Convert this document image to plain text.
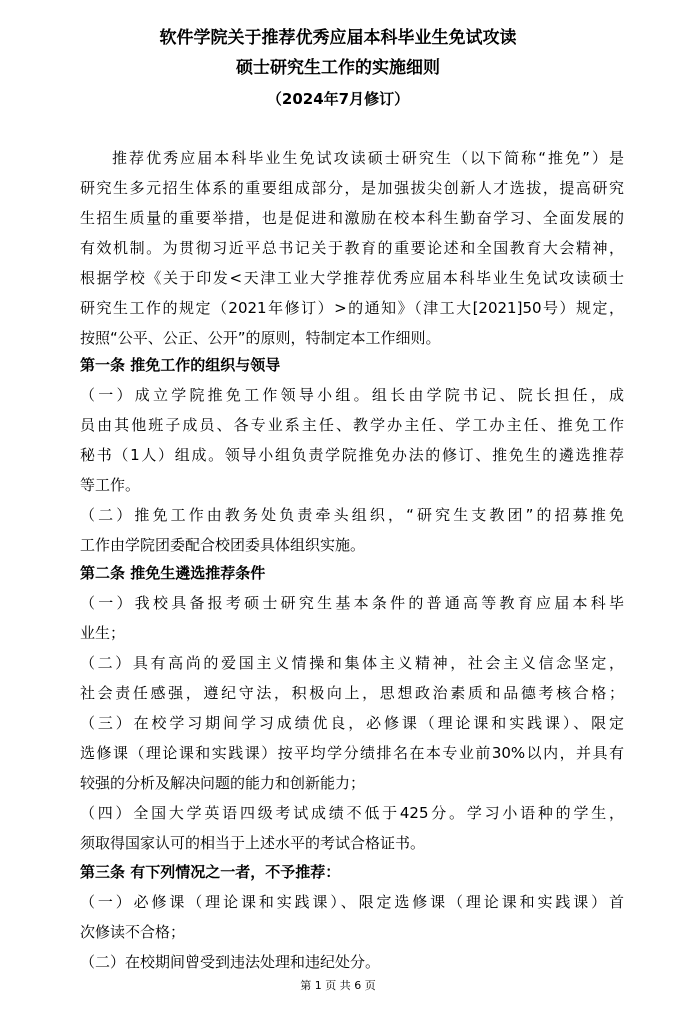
软件学院关于推荐优秀应届本科毕业生免试攻读
硕士研究生工作的实施细则
（2024年7月修订）
推荐优秀应届本科毕业生免试攻读硕士研究生（以下简称“推免”）是
研究生多元招生体系的重要组成部分，是加强拔尖创新人才选拔，提高研究
生招生质量的重要举措，也是促进和激励在校本科生勤奋学习、全面发展的
有效机制。为贯彻习近平总书记关于教育的重要论述和全国教育大会精神，
根据学校《关于印发<天津工业大学推荐优秀应届本科毕业生免试攻读硕士
研究生工作的规定（2021年修订）>的通知》（津工大[2021]50号）规定，
按照“公平、公正、公开”的原则，特制定本工作细则。
第一条 推免工作的组织与领导
（一）成立学院推免工作领导小组。组长由学院书记、院长担任，成
员由其他班子成员、各专业系主任、教学办主任、学工办主任、推免工作
秘书（1人）组成。领导小组负责学院推免办法的修订、推免生的遴选推荐
等工作。
（二）推免工作由教务处负责牵头组织，“研究生支教团”的招募推免
工作由学院团委配合校团委具体组织实施。
第二条 推免生遴选推荐条件
（一）我校具备报考硕士研究生基本条件的普通高等教育应届本科毕
业生；
（二）具有高尚的爱国主义情操和集体主义精神，社会主义信念坚定，
社会责任感强，遵纪守法，积极向上，思想政治素质和品德考核合格；
（三）在校学习期间学习成绩优良，必修课（理论课和实践课）、限定
选修课（理论课和实践课）按平均学分绩排名在本专业前30%以内，并具有
较强的分析及解决问题的能力和创新能力；
（四）全国大学英语四级考试成绩不低于425分。学习小语种的学生，
须取得国家认可的相当于上述水平的考试合格证书。
第三条 有下列情况之一者，不予推荐：
（一）必修课（理论课和实践课）、限定选修课（理论课和实践课）首
次修读不合格；
（二）在校期间曾受到违法处理和违纪处分。
第 1 页 共 6 页
